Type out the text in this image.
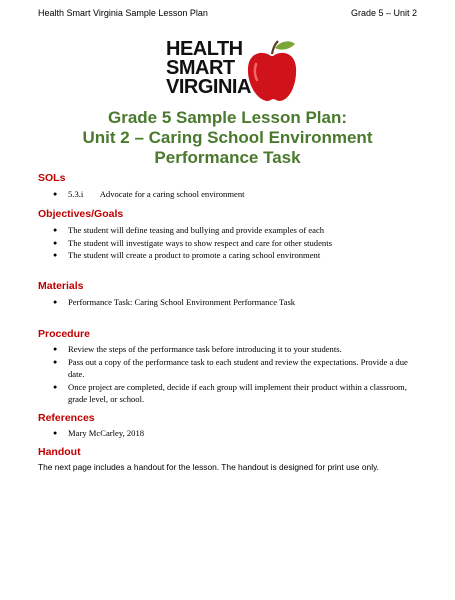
Health Smart Virginia Sample Lesson Plan	Grade 5 – Unit 2
HEALTH
SMART
VIRGINIA
Grade 5 Sample Lesson Plan:
Unit 2 – Caring School Environment
Performance Task
SOLs
● 5.3.i Advocate for a caring school environment
Objectives/Goals
● The student will define teasing and bullying and provide examples of each
● The student will investigate ways to show respect and care for other students
● The student will create a product to promote a caring school environment
Materials
● Performance Task: Caring School Environment Performance Task
Procedure
● Review the steps of the performance task before introducing it to your students.
● Pass out a copy of the performance task to each student and review the expectations. Provide a due date.
● Once project are completed, decide if each group will implement their product within a classroom, grade level, or school.
References
● Mary McCarley, 2018
Handout
The next page includes a handout for the lesson. The handout is designed for print use only.
